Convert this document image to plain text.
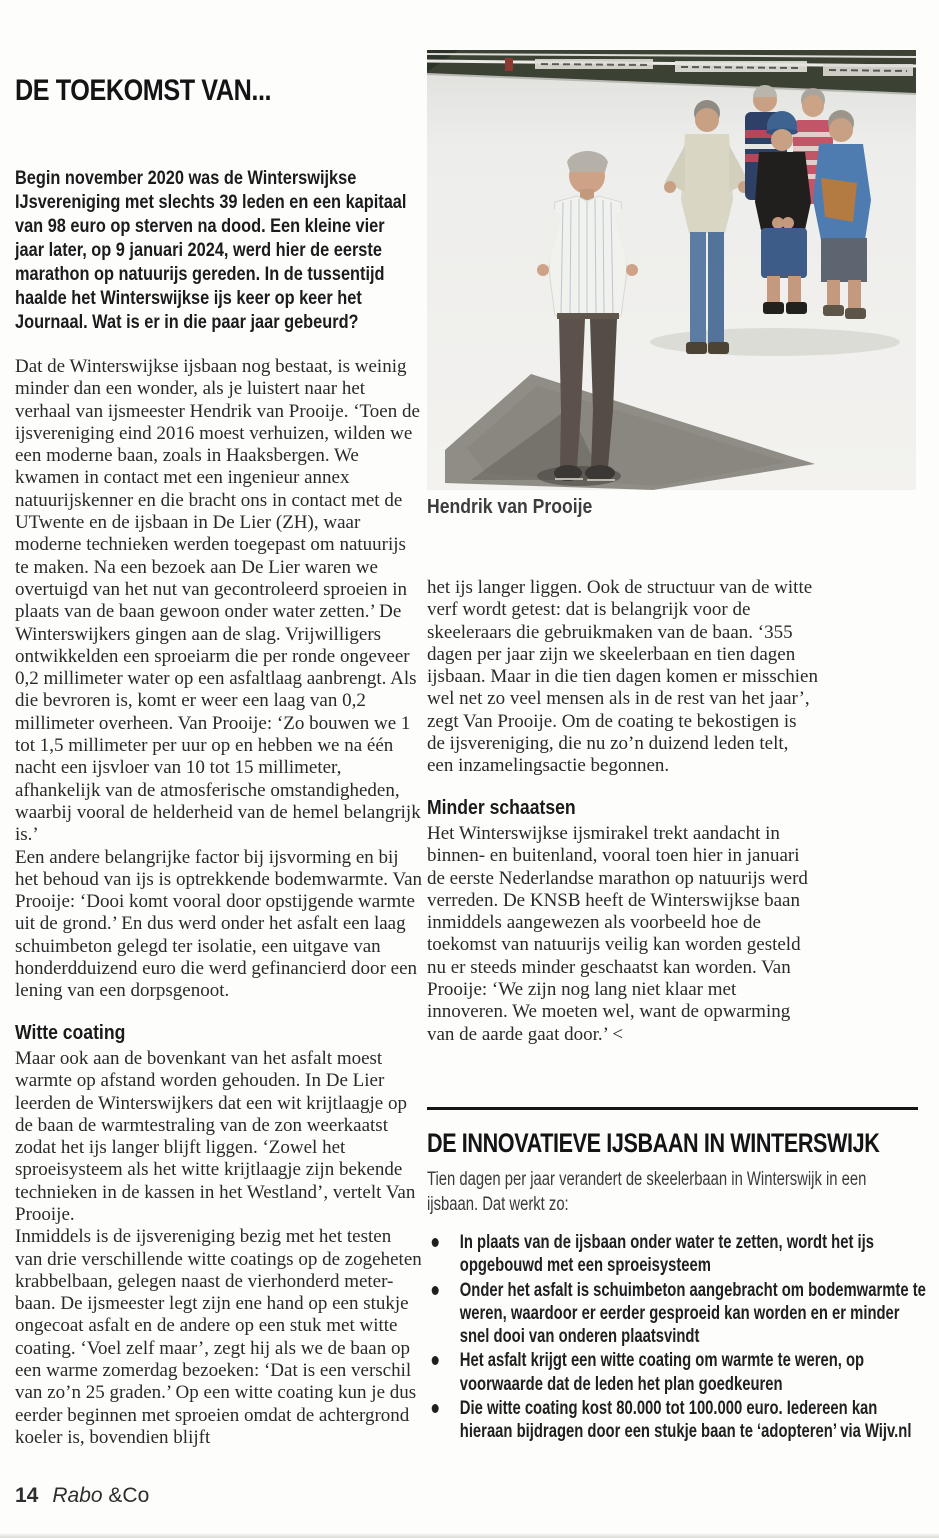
DE TOEKOMST VAN...

Begin november 2020 was de Winterswijkse IJsvereniging met slechts 39 leden en een kapitaal van 98 euro op sterven na dood. Een kleine vier jaar later, op 9 januari 2024, werd hier de eerste marathon op natuurijs gereden. In de tussentijd haalde het Winterswijkse ijs keer op keer het Journaal. Wat is er in die paar jaar gebeurd?

Hendrik van Prooije

Dat de Winterswijkse ijsbaan nog bestaat, is weinig minder dan een wonder, als je luistert naar het verhaal van ijsmeester Hendrik van Prooije. ‘Toen de ijsvereniging eind 2016 moest verhuizen, wilden we een moderne baan, zoals in Haaksbergen. We kwamen in contact met een ingenieur annex natuurijskenner en die bracht ons in contact met de UTwente en de ijsbaan in De Lier (ZH), waar moderne technieken werden toegepast om natuurijs te maken. Na een bezoek aan De Lier waren we overtuigd van het nut van gecontroleerd sproeien in plaats van de baan gewoon onder water zetten.’ De Winterswijkers gingen aan de slag. Vrijwilligers ontwikkelden een sproeiarm die per ronde ongeveer 0,2 millimeter water op een asfaltlaag aanbrengt. Als die bevroren is, komt er weer een laag van 0,2 millimeter overheen. Van Prooije: ‘Zo bouwen we 1 tot 1,5 millimeter per uur op en hebben we na één nacht een ijsvloer van 10 tot 15 millimeter, afhankelijk van de atmosferische omstandigheden, waarbij vooral de helderheid van de hemel belangrijk is.’

Een andere belangrijke factor bij ijsvorming en bij het behoud van ijs is optrekkende bodemwarmte. Van Prooije: ‘Dooi komt vooral door opstijgende warmte uit de grond.’ En dus werd onder het asfalt een laag schuimbeton gelegd ter isolatie, een uitgave van honderdduizend euro die werd gefinancierd door een lening van een dorpsgenoot.

Witte coating

Maar ook aan de bovenkant van het asfalt moest warmte op afstand worden gehouden. In De Lier leerden de Winterswijkers dat een wit krijtlaagje op de baan de warmtestraling van de zon weerkaatst zodat het ijs langer blijft liggen. ‘Zowel het sproeisysteem als het witte krijtlaagje zijn bekende technieken in de kassen in het Westland’, vertelt Van Prooije.

Inmiddels is de ijsvereniging bezig met het testen van drie verschillende witte coatings op de zogeheten krabbelbaan, gelegen naast de vierhonderd meter-baan. De ijsmeester legt zijn ene hand op een stukje ongecoat asfalt en de andere op een stuk met witte coating. ‘Voel zelf maar’, zegt hij als we de baan op een warme zomerdag bezoeken: ‘Dat is een verschil van zo’n 25 graden.’ Op een witte coating kun je dus eerder beginnen met sproeien omdat de achtergrond koeler is, bovendien blijft

het ijs langer liggen. Ook de structuur van de witte verf wordt getest: dat is belangrijk voor de skeeleraars die gebruikmaken van de baan. ‘355 dagen per jaar zijn we skeelerbaan en tien dagen ijsbaan. Maar in die tien dagen komen er misschien wel net zo veel mensen als in de rest van het jaar’, zegt Van Prooije. Om de coating te bekostigen is de ijsvereniging, die nu zo’n duizend leden telt, een inzamelingsactie begonnen.

Minder schaatsen

Het Winterswijkse ijsmirakel trekt aandacht in binnen- en buitenland, vooral toen hier in januari de eerste Nederlandse marathon op natuurijs werd verreden. De KNSB heeft de Winterswijkse baan inmiddels aangewezen als voorbeeld hoe de toekomst van natuurijs veilig kan worden gesteld nu er steeds minder geschaatst kan worden. Van Prooije: ‘We zijn nog lang niet klaar met innoveren. We moeten wel, want de opwarming van de aarde gaat door.’ <

DE INNOVATIEVE IJSBAAN IN WINTERSWIJK

Tien dagen per jaar verandert de skeelerbaan in Winterswijk in een ijsbaan. Dat werkt zo:

In plaats van de ijsbaan onder water te zetten, wordt het ijs opgebouwd met een sproeisysteem
Onder het asfalt is schuimbeton aangebracht om bodemwarmte te weren, waardoor er eerder gesproeid kan worden en er minder snel dooi van onderen plaatsvindt
Het asfalt krijgt een witte coating om warmte te weren, op voorwaarde dat de leden het plan goedkeuren
Die witte coating kost 80.000 tot 100.000 euro. Iedereen kan hieraan bijdragen door een stukje baan te ‘adopteren’ via Wijv.nl
14 Rabo &Co
